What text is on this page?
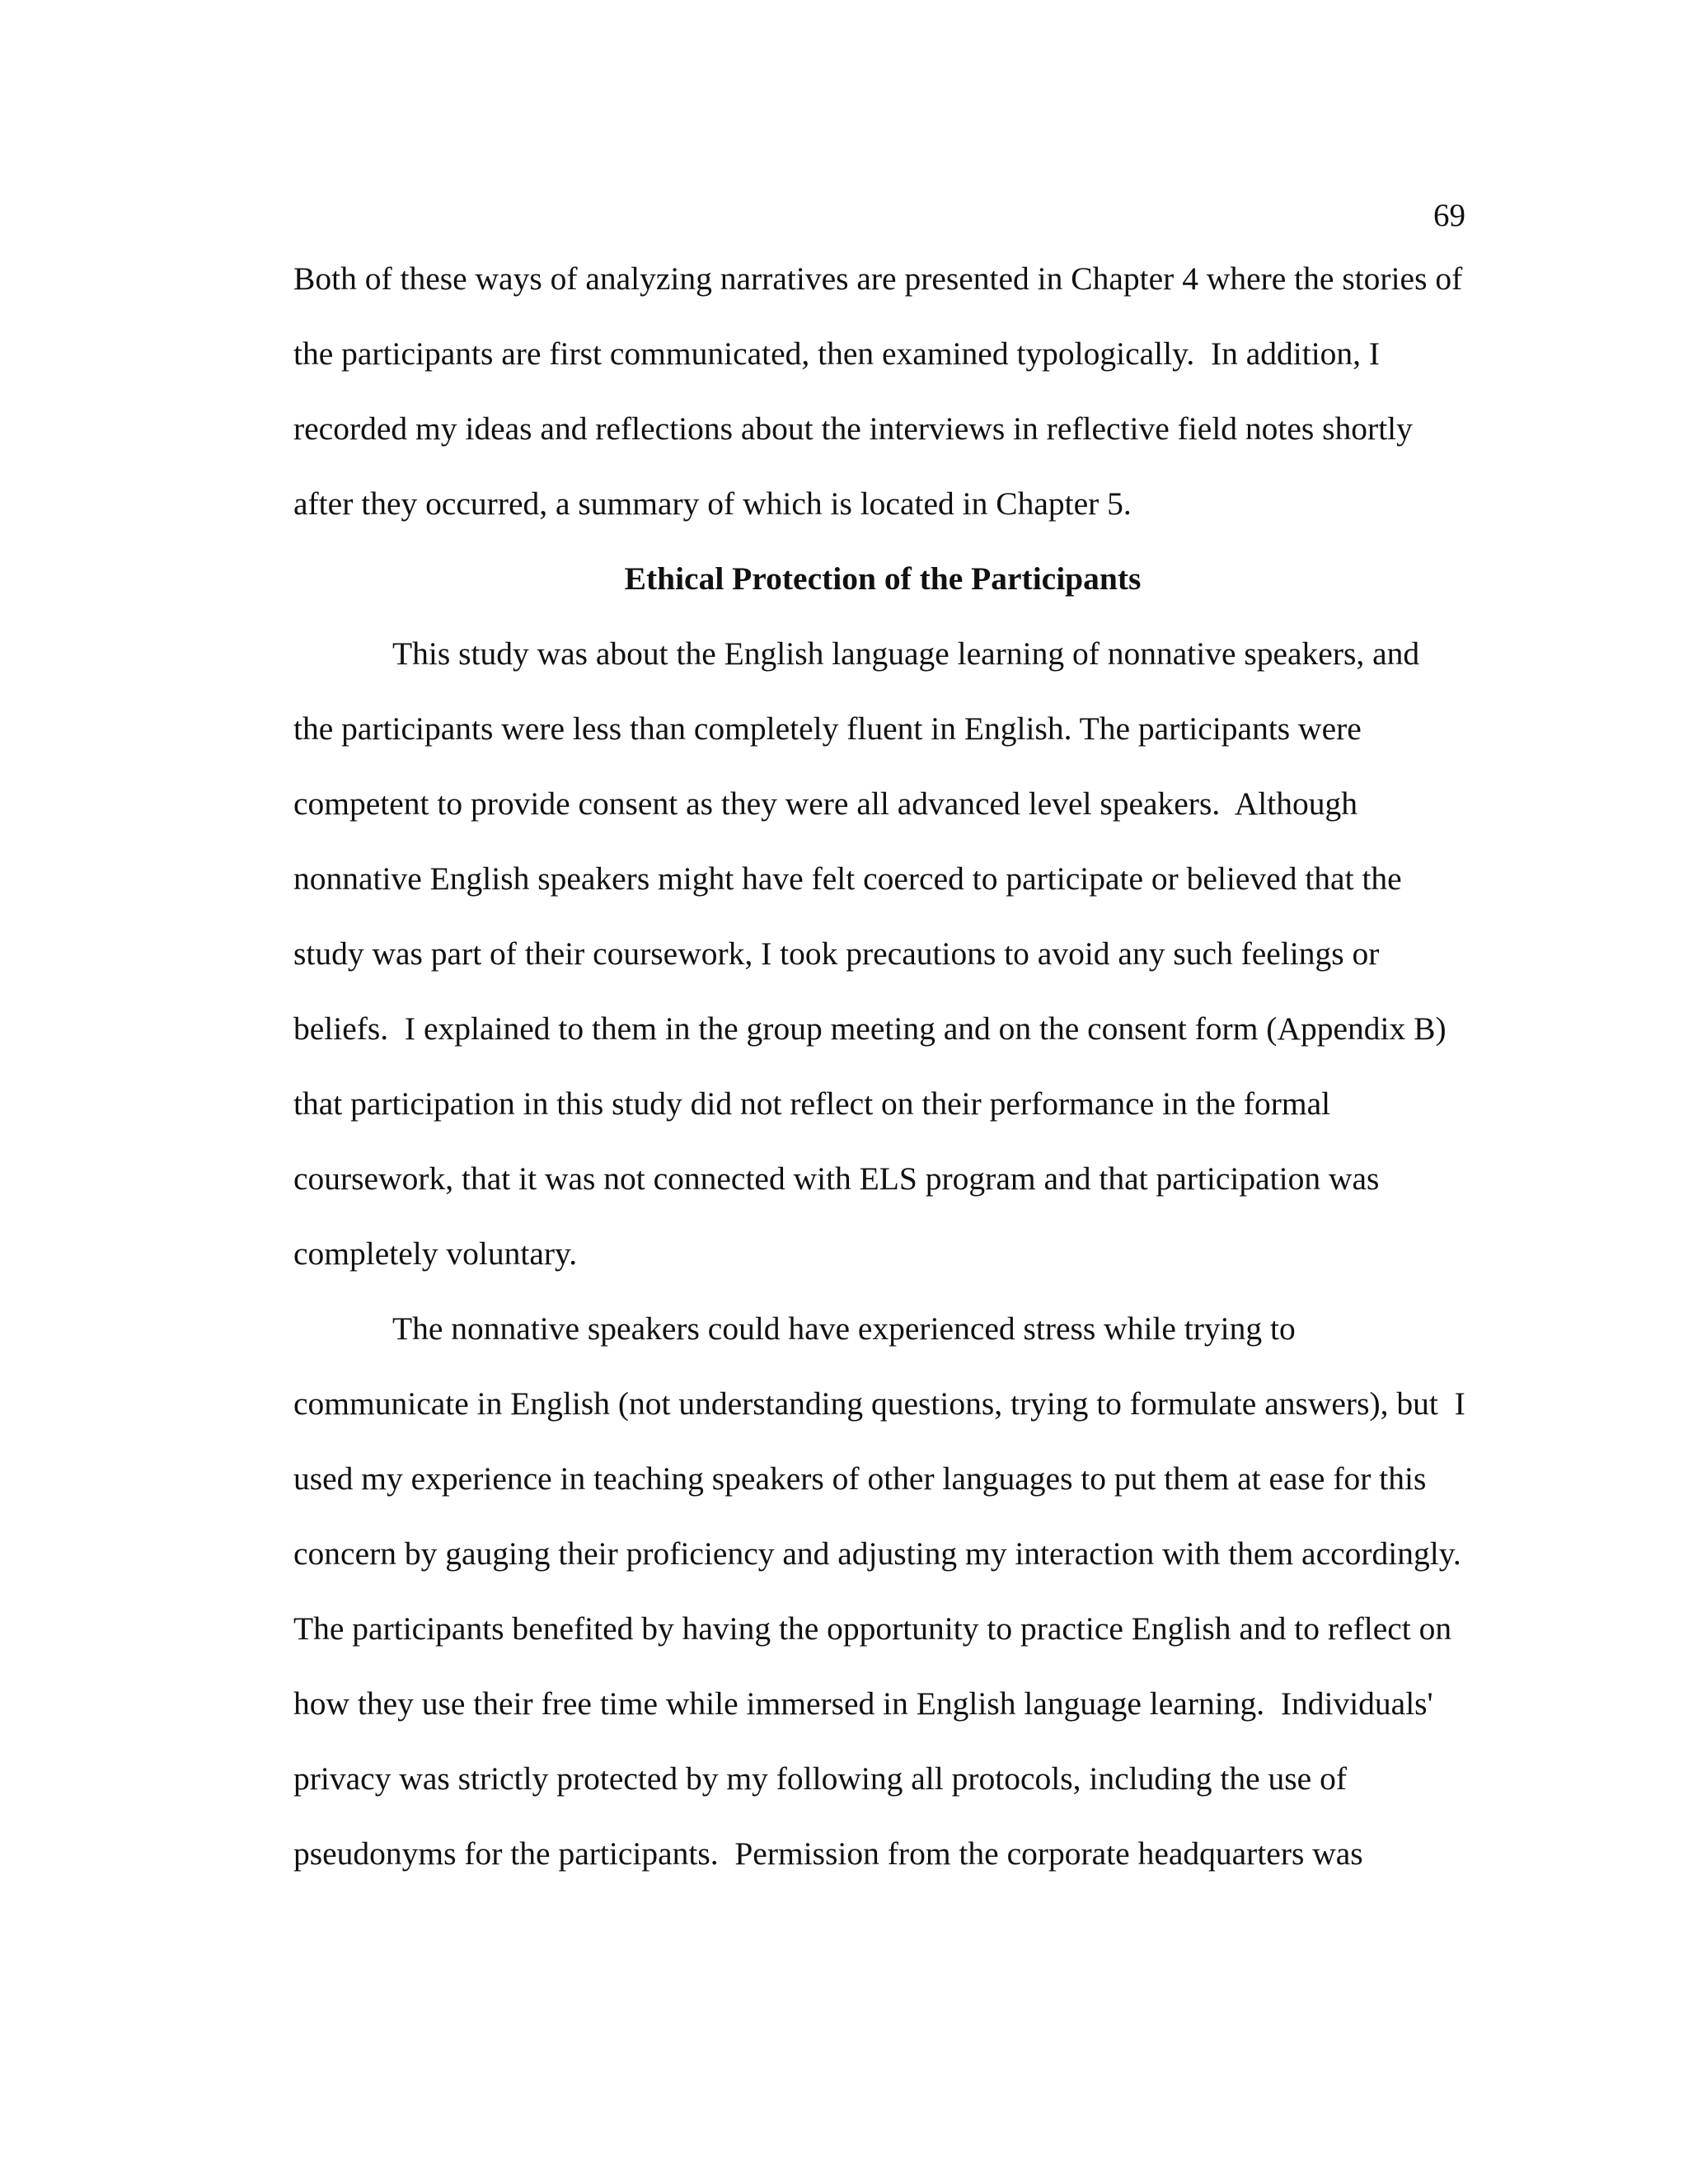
69
Both of these ways of analyzing narratives are presented in Chapter 4 where the stories of
the participants are first communicated, then examined typologically.  In addition, I
recorded my ideas and reflections about the interviews in reflective field notes shortly
after they occurred, a summary of which is located in Chapter 5.
Ethical Protection of the Participants
This study was about the English language learning of nonnative speakers, and
the participants were less than completely fluent in English. The participants were
competent to provide consent as they were all advanced level speakers.  Although
nonnative English speakers might have felt coerced to participate or believed that the
study was part of their coursework, I took precautions to avoid any such feelings or
beliefs.  I explained to them in the group meeting and on the consent form (Appendix B)
that participation in this study did not reflect on their performance in the formal
coursework, that it was not connected with ELS program and that participation was
completely voluntary.
The nonnative speakers could have experienced stress while trying to
communicate in English (not understanding questions, trying to formulate answers), but  I
used my experience in teaching speakers of other languages to put them at ease for this
concern by gauging their proficiency and adjusting my interaction with them accordingly.
The participants benefited by having the opportunity to practice English and to reflect on
how they use their free time while immersed in English language learning.  Individuals'
privacy was strictly protected by my following all protocols, including the use of
pseudonyms for the participants.  Permission from the corporate headquarters was
